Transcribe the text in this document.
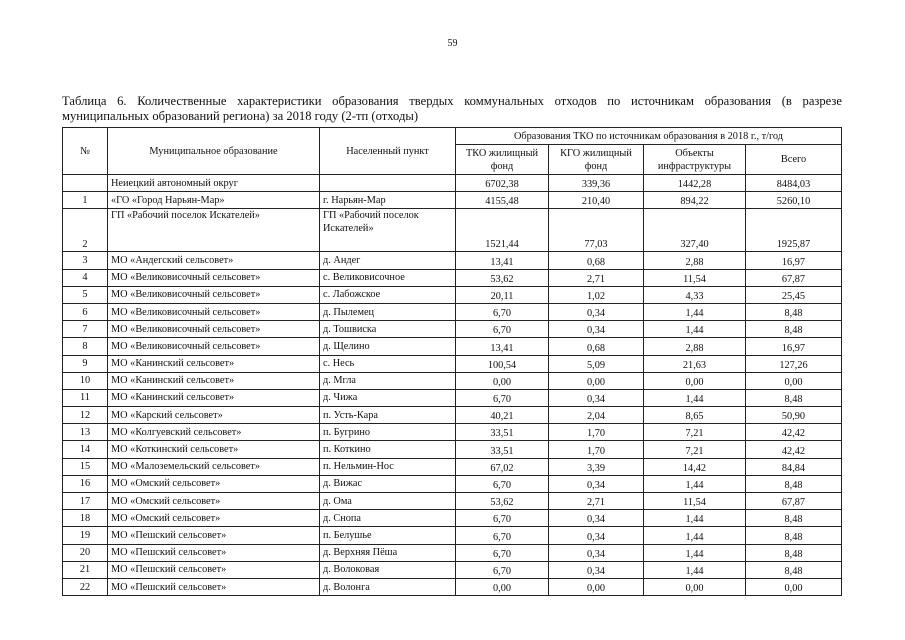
59
Таблица 6. Количественные характеристики образования твердых коммунальных отходов по источникам образования (в разрезе муниципальных образований региона) за 2018 году (2-тп (отходы)
№	Муниципальное образование	Населенный пункт	Образования ТКО по источникам образования в 2018 г., т/год			
			ТКО жилищный фонд	КГО жилищный фонд	Объекты инфраструктуры	Всего
	Неиецкий автономный округ		6702,38	339,36	1442,28	8484,03
1	«ГО «Город Нарьян-Мар»	г. Нарьян-Мар	4155,48	210,40	894,22	5260,10
2	ГП «Рабочий поселок Искателей»	ГП «Рабочий поселок Искателей»	1521,44	77,03	327,40	1925,87
3	МО «Андегский сельсовет»	д. Андег	13,41	0,68	2,88	16,97
4	МО «Великовисочный сельсовет»	с. Великовисочное	53,62	2,71	11,54	67,87
5	МО «Великовисочный сельсовет»	с. Лабожское	20,11	1,02	4,33	25,45
6	МО «Великовисочный сельсовет»	д. Пылемец	6,70	0,34	1,44	8,48
7	МО «Великовисочный сельсовет»	д. Тошвиска	6,70	0,34	1,44	8,48
8	МО «Великовисочный сельсовет»	д. Щелино	13,41	0,68	2,88	16,97
9	МО «Канинский сельсовет»	с. Несь	100,54	5,09	21,63	127,26
10	МО «Канинский сельсовет»	д. Мгла	0,00	0,00	0,00	0,00
11	МО «Канинский сельсовет»	д. Чижа	6,70	0,34	1,44	8,48
12	МО «Карский сельсовет»	п. Усть-Кара	40,21	2,04	8,65	50,90
13	МО «Колгуевский сельсовет»	п. Бугрино	33,51	1,70	7,21	42,42
14	МО «Коткинский сельсовет»	п. Коткино	33,51	1,70	7,21	42,42
15	МО «Малоземельский сельсовет»	п. Нельмин-Нос	67,02	3,39	14,42	84,84
16	МО «Омский сельсовет»	д. Вижас	6,70	0,34	1,44	8,48
17	МО «Омский сельсовет»	д. Ома	53,62	2,71	11,54	67,87
18	МО «Омский сельсовет»	д. Снопа	6,70	0,34	1,44	8,48
19	МО «Пешский сельсовет»	п. Белушье	6,70	0,34	1,44	8,48
20	МО «Пешский сельсовет»	д. Верхняя Пёша	6,70	0,34	1,44	8,48
21	МО «Пешский сельсовет»	д. Волоковая	6,70	0,34	1,44	8,48
22	МО «Пешский сельсовет»	д. Волонга	0,00	0,00	0,00	0,00
